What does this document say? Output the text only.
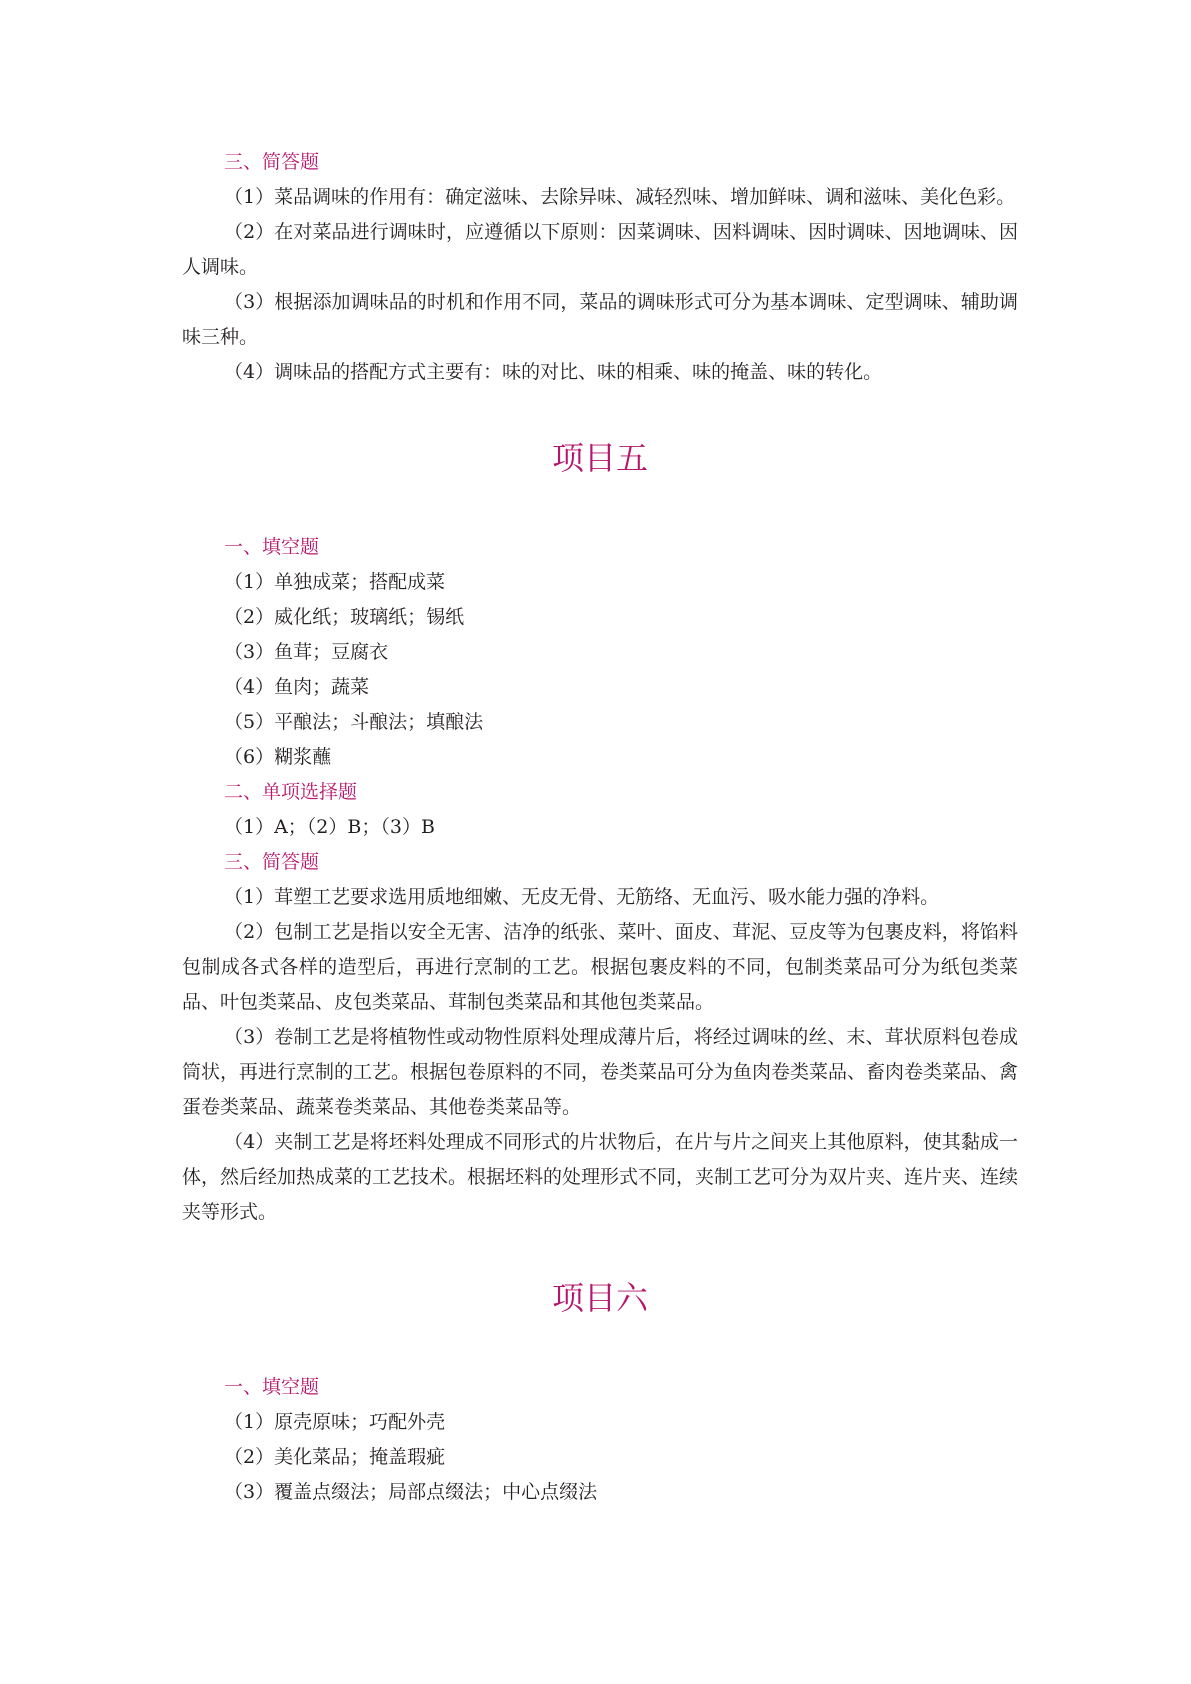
三、简答题

（1）菜品调味的作用有：确定滋味、去除异味、减轻烈味、增加鲜味、调和滋味、美化色彩。

（2）在对菜品进行调味时，应遵循以下原则：因菜调味、因料调味、因时调味、因地调味、因人调味。

（3）根据添加调味品的时机和作用不同，菜品的调味形式可分为基本调味、定型调味、辅助调味三种。

（4）调味品的搭配方式主要有：味的对比、味的相乘、味的掩盖、味的转化。

项目五
一、填空题
（1）单独成菜；搭配成菜
（2）威化纸；玻璃纸；锡纸
（3）鱼茸；豆腐衣
（4）鱼肉；蔬菜
（5）平酿法；斗酿法；填酿法
（6）糊浆蘸
二、单项选择题
（1）A；（2）B；（3）B
三、简答题

（1）茸塑工艺要求选用质地细嫩、无皮无骨、无筋络、无血污、吸水能力强的净料。

（2）包制工艺是指以安全无害、洁净的纸张、菜叶、面皮、茸泥、豆皮等为包裹皮料，将馅料包制成各式各样的造型后，再进行烹制的工艺。根据包裹皮料的不同，包制类菜品可分为纸包类菜品、叶包类菜品、皮包类菜品、茸制包类菜品和其他包类菜品。

（3）卷制工艺是将植物性或动物性原料处理成薄片后，将经过调味的丝、末、茸状原料包卷成筒状，再进行烹制的工艺。根据包卷原料的不同，卷类菜品可分为鱼肉卷类菜品、畜肉卷类菜品、禽蛋卷类菜品、蔬菜卷类菜品、其他卷类菜品等。

（4）夹制工艺是将坯料处理成不同形式的片状物后，在片与片之间夹上其他原料，使其黏成一体，然后经加热成菜的工艺技术。根据坯料的处理形式不同，夹制工艺可分为双片夹、连片夹、连续夹等形式。

项目六
一、填空题
（1）原壳原味；巧配外壳
（2）美化菜品；掩盖瑕疵
（3）覆盖点缀法；局部点缀法；中心点缀法
